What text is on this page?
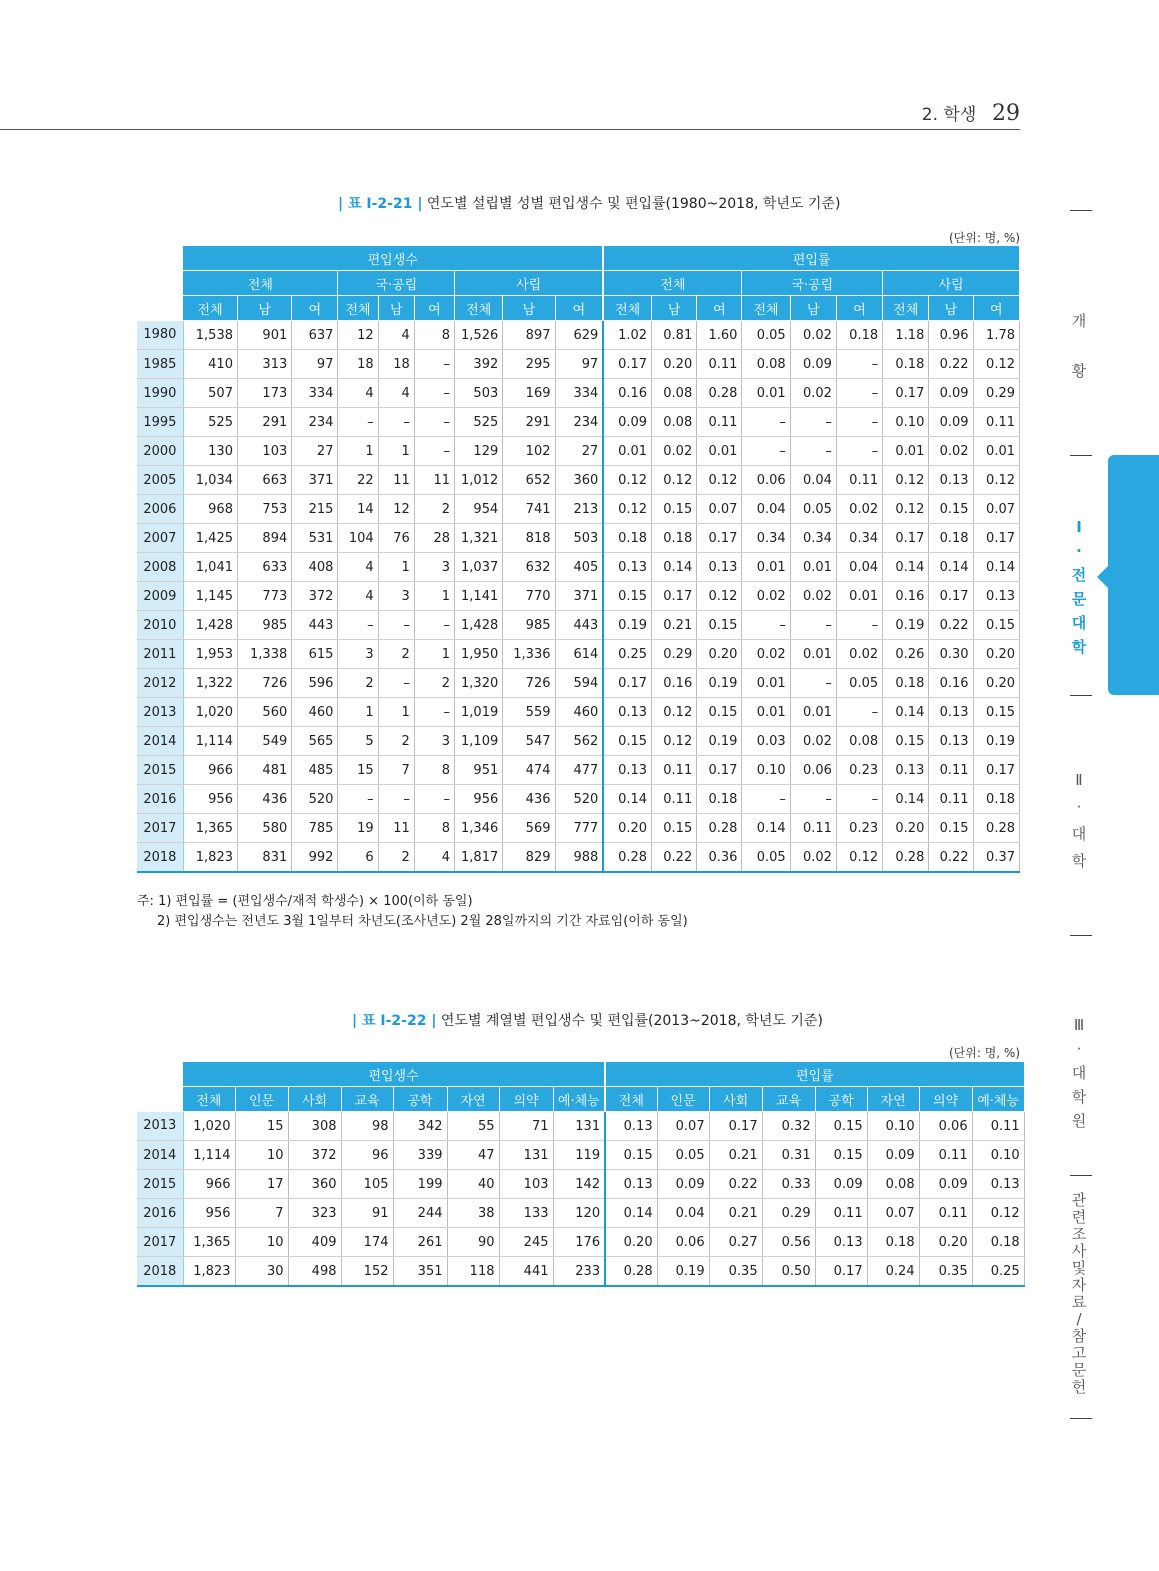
2. 학생 29
| 표 Ⅰ-2-21 | 연도별 설립별 성별 편입생수 및 편입률(1980~2018, 학년도 기준)
(단위: 명, %)
	편입생수									편입률								
	전체			국·공립			사립			전체			국·공립			사립		
	전체	남	여	전체	남	여	전체	남	여	전체	남	여	전체	남	여	전체	남	여
1980	1,538	901	637	12	4	8	1,526	897	629	1.02	0.81	1.60	0.05	0.02	0.18	1.18	0.96	1.78
1985	410	313	97	18	18	–	392	295	97	0.17	0.20	0.11	0.08	0.09	–	0.18	0.22	0.12
1990	507	173	334	4	4	–	503	169	334	0.16	0.08	0.28	0.01	0.02	–	0.17	0.09	0.29
1995	525	291	234	–	–	–	525	291	234	0.09	0.08	0.11	–	–	–	0.10	0.09	0.11
2000	130	103	27	1	1	–	129	102	27	0.01	0.02	0.01	–	–	–	0.01	0.02	0.01
2005	1,034	663	371	22	11	11	1,012	652	360	0.12	0.12	0.12	0.06	0.04	0.11	0.12	0.13	0.12
2006	968	753	215	14	12	2	954	741	213	0.12	0.15	0.07	0.04	0.05	0.02	0.12	0.15	0.07
2007	1,425	894	531	104	76	28	1,321	818	503	0.18	0.18	0.17	0.34	0.34	0.34	0.17	0.18	0.17
2008	1,041	633	408	4	1	3	1,037	632	405	0.13	0.14	0.13	0.01	0.01	0.04	0.14	0.14	0.14
2009	1,145	773	372	4	3	1	1,141	770	371	0.15	0.17	0.12	0.02	0.02	0.01	0.16	0.17	0.13
2010	1,428	985	443	–	–	–	1,428	985	443	0.19	0.21	0.15	–	–	–	0.19	0.22	0.15
2011	1,953	1,338	615	3	2	1	1,950	1,336	614	0.25	0.29	0.20	0.02	0.01	0.02	0.26	0.30	0.20
2012	1,322	726	596	2	–	2	1,320	726	594	0.17	0.16	0.19	0.01	–	0.05	0.18	0.16	0.20
2013	1,020	560	460	1	1	–	1,019	559	460	0.13	0.12	0.15	0.01	0.01	–	0.14	0.13	0.15
2014	1,114	549	565	5	2	3	1,109	547	562	0.15	0.12	0.19	0.03	0.02	0.08	0.15	0.13	0.19
2015	966	481	485	15	7	8	951	474	477	0.13	0.11	0.17	0.10	0.06	0.23	0.13	0.11	0.17
2016	956	436	520	–	–	–	956	436	520	0.14	0.11	0.18	–	–	–	0.14	0.11	0.18
2017	1,365	580	785	19	11	8	1,346	569	777	0.20	0.15	0.28	0.14	0.11	0.23	0.20	0.15	0.28
2018	1,823	831	992	6	2	4	1,817	829	988	0.28	0.22	0.36	0.05	0.02	0.12	0.28	0.22	0.37
주: 1) 편입률 = (편입생수/재적 학생수) × 100(이하 동일)
2) 편입생수는 전년도 3월 1일부터 차년도(조사년도) 2월 28일까지의 기간 자료임(이하 동일)
| 표 Ⅰ-2-22 | 연도별 계열별 편입생수 및 편입률(2013~2018, 학년도 기준)
(단위: 명, %)
	편입생수								편입률							
	전체	인문	사회	교육	공학	자연	의약	예·체능	전체	인문	사회	교육	공학	자연	의약	예·체능
2013	1,020	15	308	98	342	55	71	131	0.13	0.07	0.17	0.32	0.15	0.10	0.06	0.11
2014	1,114	10	372	96	339	47	131	119	0.15	0.05	0.21	0.31	0.15	0.09	0.11	0.10
2015	966	17	360	105	199	40	103	142	0.13	0.09	0.22	0.33	0.09	0.08	0.09	0.13
2016	956	7	323	91	244	38	133	120	0.14	0.04	0.21	0.29	0.11	0.07	0.11	0.12
2017	1,365	10	409	174	261	90	245	176	0.20	0.06	0.27	0.56	0.13	0.18	0.20	0.18
2018	1,823	30	498	152	351	118	441	233	0.28	0.19	0.35	0.50	0.17	0.24	0.35	0.25
개
황
Ⅰ
·
전
문
대
학
Ⅱ
·
대
학
Ⅲ
·
대
학
원
관
련
조
사
및
자
료
/
참
고
문
헌
